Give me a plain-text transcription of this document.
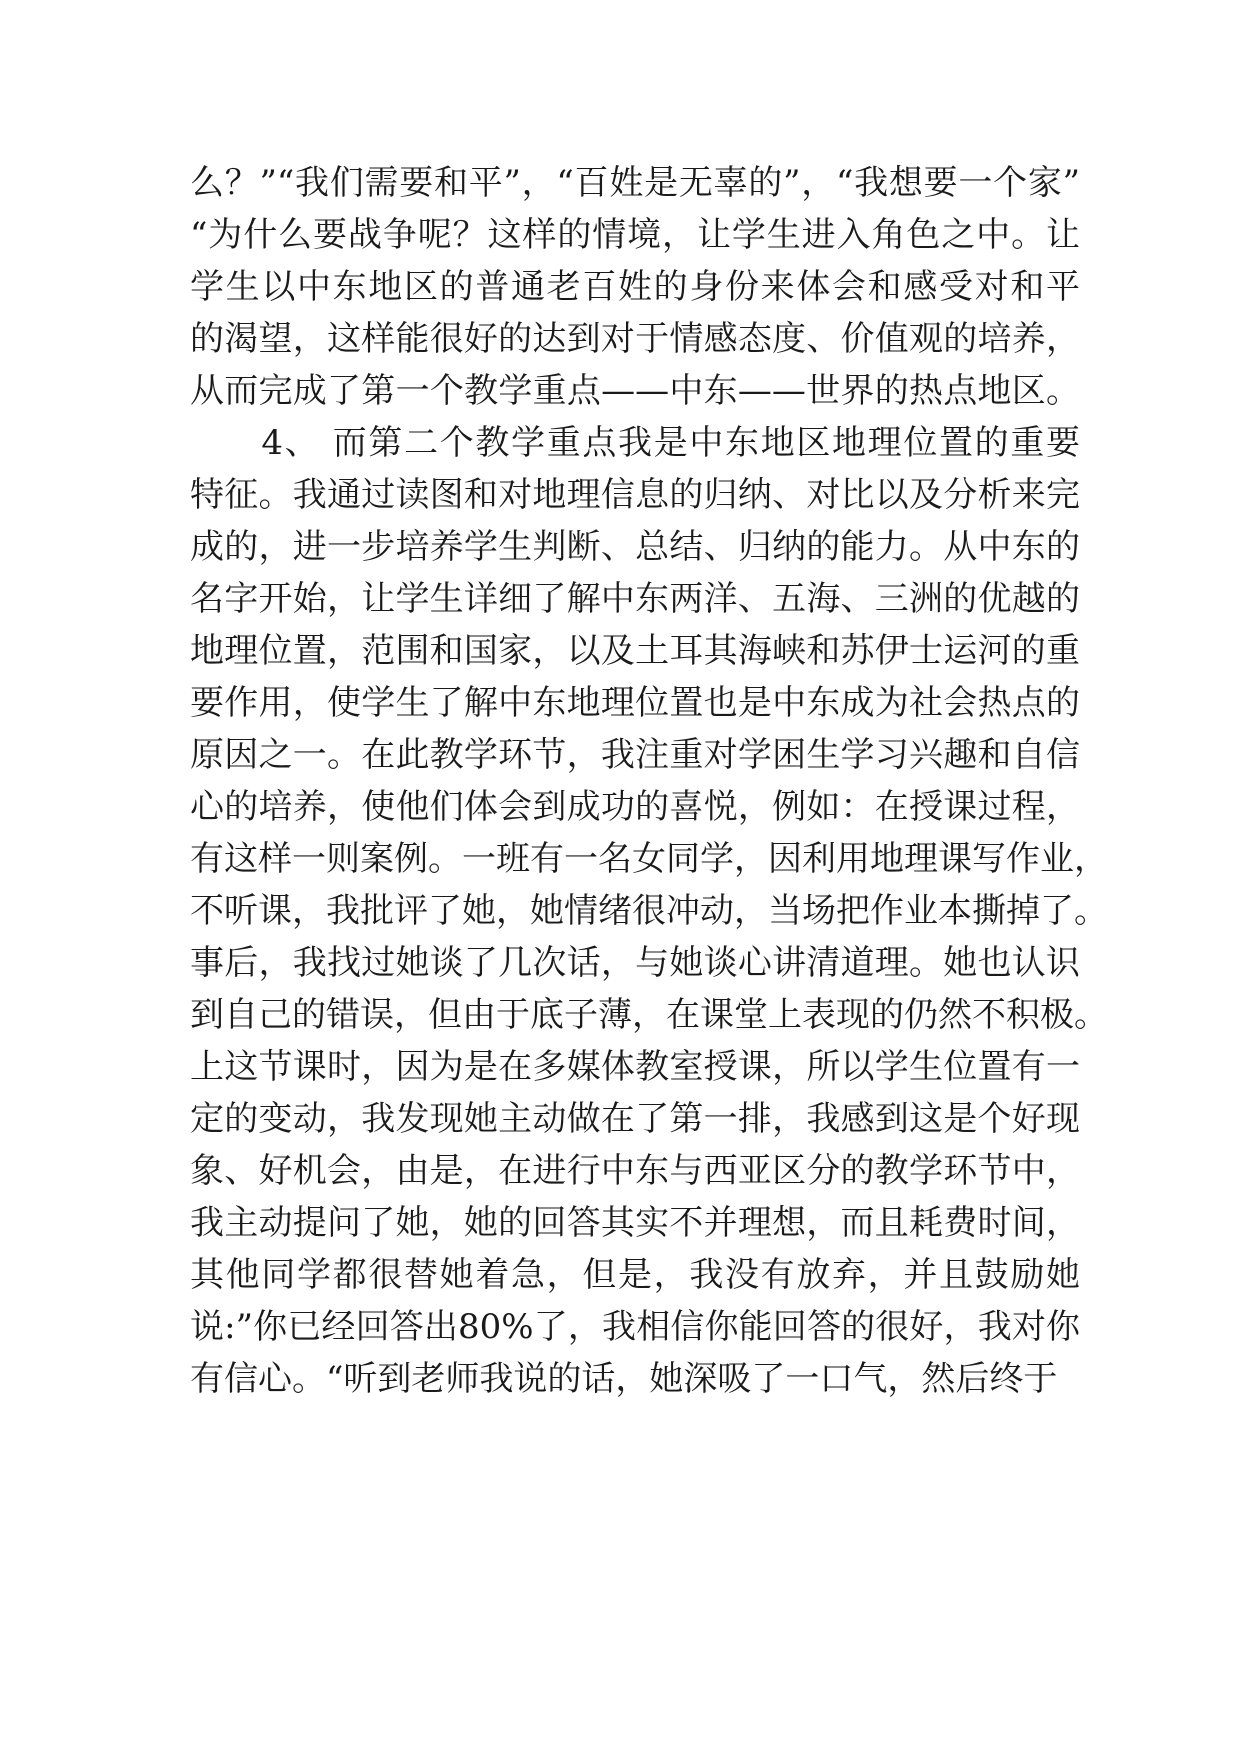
么？”“我们需要和平”，“百姓是无辜的”，“我想要一个家”
“为什么要战争呢？这样的情境，让学生进入角色之中。让
学生以中东地区的普通老百姓的身份来体会和感受对和平
的渴望，这样能很好的达到对于情感态度、价值观的培养，
从而完成了第一个教学重点——中东——世界的热点地区。
　　4、 而第二个教学重点我是中东地区地理位置的重要
特征。我通过读图和对地理信息的归纳、对比以及分析来完
成的，进一步培养学生判断、总结、归纳的能力。从中东的
名字开始，让学生详细了解中东两洋、五海、三洲的优越的
地理位置，范围和国家，以及土耳其海峡和苏伊士运河的重
要作用，使学生了解中东地理位置也是中东成为社会热点的
原因之一。在此教学环节，我注重对学困生学习兴趣和自信
心的培养，使他们体会到成功的喜悦，例如：在授课过程，
有这样一则案例。一班有一名女同学，因利用地理课写作业，
不听课，我批评了她，她情绪很冲动，当场把作业本撕掉了。
事后，我找过她谈了几次话，与她谈心讲清道理。她也认识
到自己的错误，但由于底子薄，在课堂上表现的仍然不积极。
上这节课时，因为是在多媒体教室授课，所以学生位置有一
定的变动，我发现她主动做在了第一排，我感到这是个好现
象、好机会，由是，在进行中东与西亚区分的教学环节中，
我主动提问了她，她的回答其实不并理想，而且耗费时间，
其他同学都很替她着急，但是，我没有放弃，并且鼓励她
说:”你已经回答出80%了，我相信你能回答的很好，我对你
有信心。“听到老师我说的话，她深吸了一口气，然后终于
